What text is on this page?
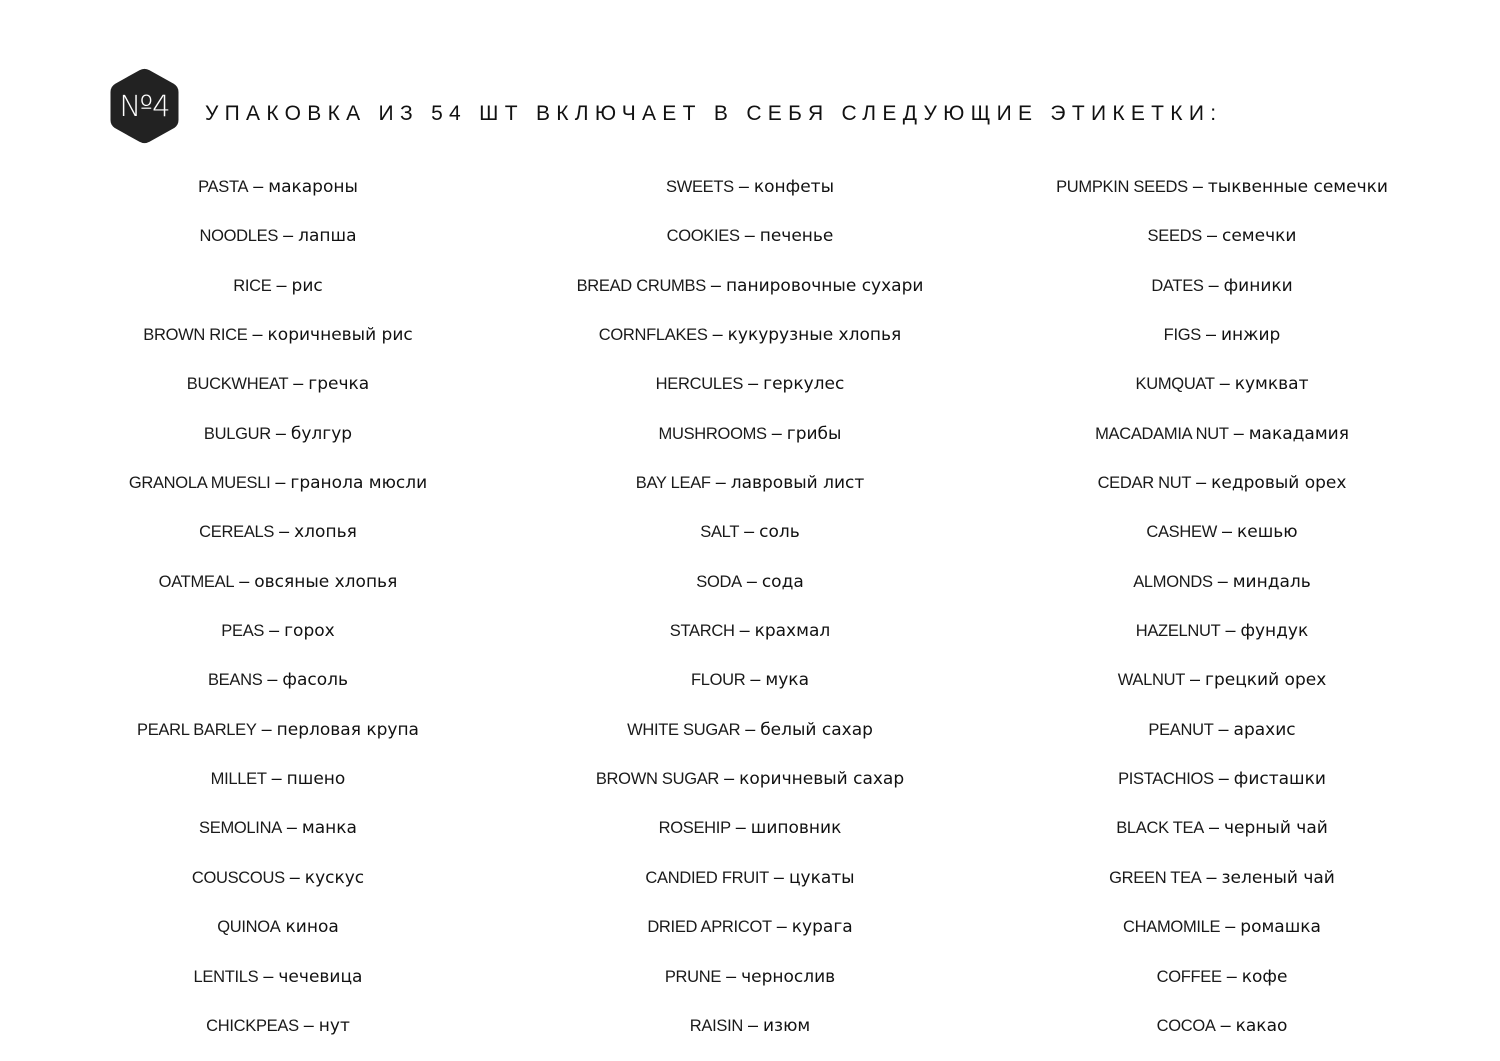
№4	УПАКОВКА ИЗ 54 ШТ ВКЛЮЧАЕТ В СЕБЯ СЛЕДУЮЩИЕ ЭТИКЕТКИ:
PASTA – макароны
NOODLES – лапша
RICE – рис
BROWN RICE – коричневый рис
BUCKWHEAT – гречка
BULGUR – булгур
GRANOLA MUESLI – гранола мюсли
CEREALS – хлопья
OATMEAL – овсяные хлопья
PEAS – горох
BEANS – фасоль
PEARL BARLEY – перловая крупа
MILLET – пшено
SEMOLINA – манка
COUSCOUS – кускус
QUINOA киноа
LENTILS – чечевица
CHICKPEAS – нут
SWEETS – конфеты
COOKIES – печенье
BREAD CRUMBS – панировочные сухари
CORNFLAKES – кукурузные хлопья
HERCULES – геркулес
MUSHROOMS – грибы
BAY LEAF – лавровый лист
SALT – соль
SODA – сода
STARCH – крахмал
FLOUR – мука
WHITE SUGAR – белый сахар
BROWN SUGAR – коричневый сахар
ROSEHIP – шиповник
CANDIED FRUIT – цукаты
DRIED APRICOT – курага
PRUNE – чернослив
RAISIN – изюм
PUMPKIN SEEDS – тыквенные семечки
SEEDS – семечки
DATES – финики
FIGS – инжир
KUMQUAT – кумкват
MACADAMIA NUT – макадамия
CEDAR NUT – кедровый орех
CASHEW – кешью
ALMONDS – миндаль
HAZELNUT – фундук
WALNUT – грецкий орех
PEANUT – арахис
PISTACHIOS – фисташки
BLACK TEA – черный чай
GREEN TEA – зеленый чай
CHAMOMILE – ромашка
COFFEE – кофе
COCOA – какао
